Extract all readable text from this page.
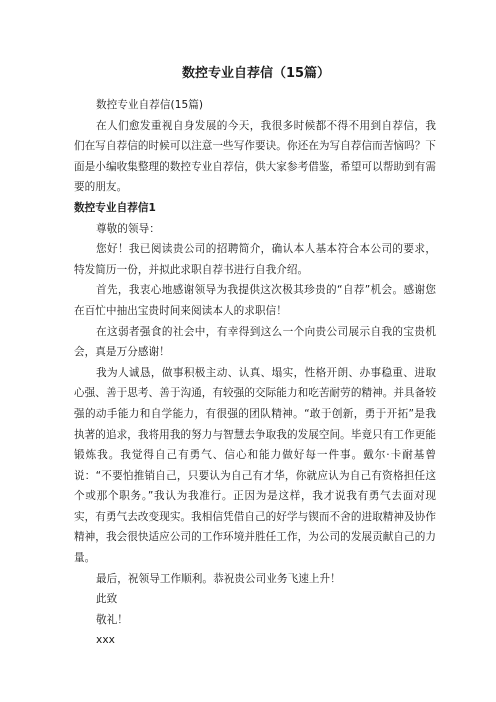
数控专业自荐信（15篇）

数控专业自荐信(15篇)

在人们愈发重视自身发展的今天，我很多时候都不得不用到自荐信，我们在写自荐信的时候可以注意一些写作要诀。你还在为写自荐信而苦恼吗？下面是小编收集整理的数控专业自荐信，供大家参考借鉴，希望可以帮助到有需要的朋友。

数控专业自荐信1

尊敬的领导：

您好！我已阅读贵公司的招聘简介，确认本人基本符合本公司的要求，特发简历一份，并拟此求职自荐书进行自我介绍。

首先，我衷心地感谢领导为我提供这次极其珍贵的“自荐”机会。感谢您在百忙中抽出宝贵时间来阅读本人的求职信！

在这弱者强食的社会中，有幸得到这么一个向贵公司展示自我的宝贵机会，真是万分感谢！

我为人诚恳，做事积极主动、认真、塌实，性格开朗、办事稳重、进取心强、善于思考、善于沟通，有较强的交际能力和吃苦耐劳的精神。并具备较强的动手能力和自学能力，有很强的团队精神。“敢于创新，勇于开拓”是我执著的追求，我将用我的努力与智慧去争取我的发展空间。毕竟只有工作更能锻炼我。我觉得自己有勇气、信心和能力做好每一件事。戴尔·卡耐基曾说：“不要怕推销自己，只要认为自己有才华，你就应认为自己有资格担任这个或那个职务。”我认为我准行。正因为是这样，我才说我有勇气去面对现实，有勇气去改变现实。我相信凭借自己的好学与锲而不舍的进取精神及协作精神，我会很快适应公司的工作环境并胜任工作，为公司的发展贡献自己的力量。

最后，祝领导工作顺利。恭祝贵公司业务飞速上升！

此致

敬礼！

xxx
